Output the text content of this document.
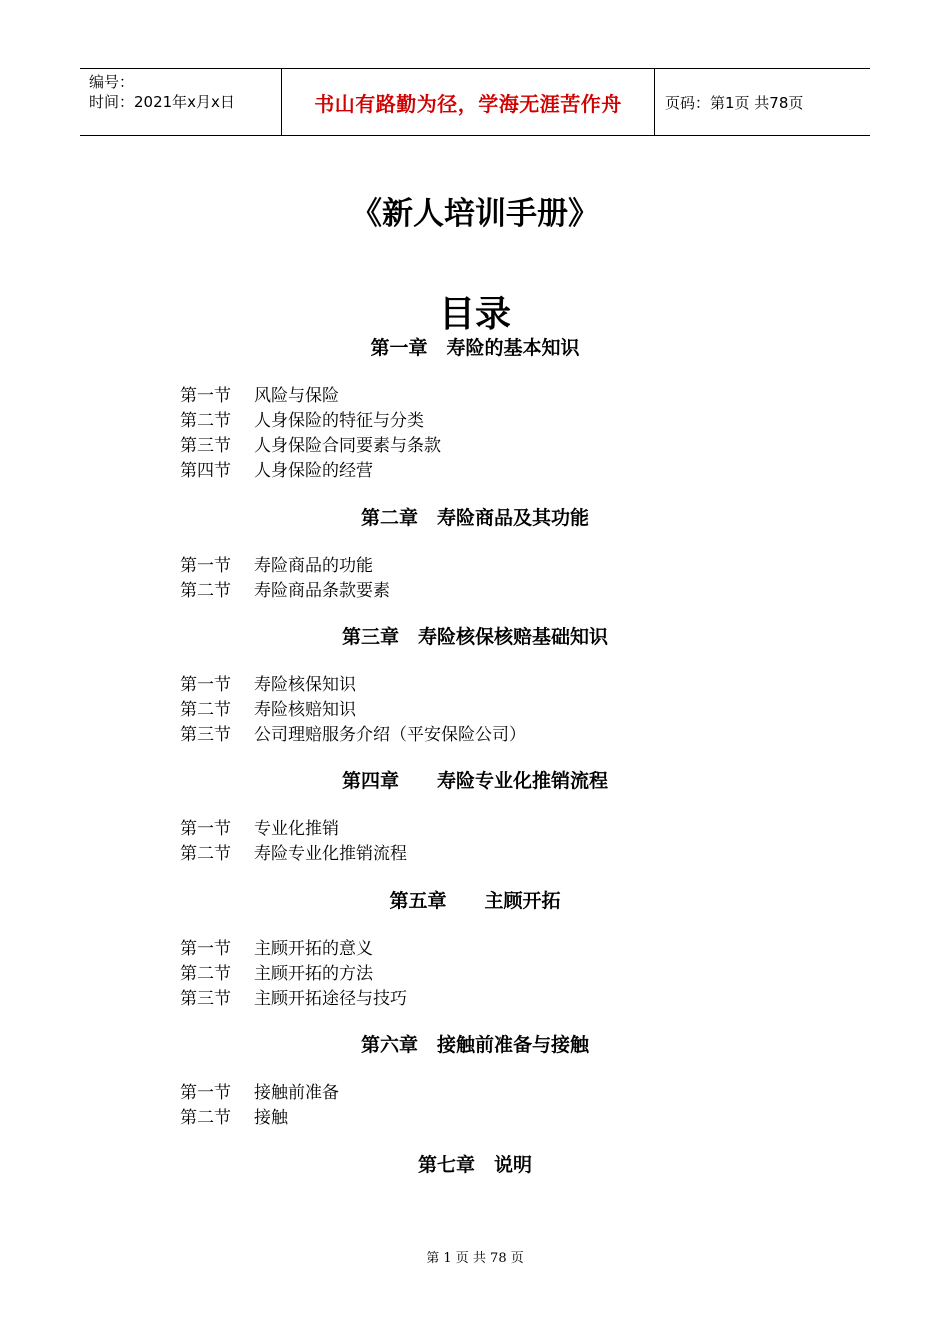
编号：
时间：2021年x月x日	书山有路勤为径，学海无涯苦作舟	页码：第1页 共78页
《新人培训手册》
目录
第一章　寿险的基本知识
第一节 风险与保险
第二节 人身保险的特征与分类
第三节 人身保险合同要素与条款
第四节 人身保险的经营
第二章　寿险商品及其功能
第一节 寿险商品的功能
第二节 寿险商品条款要素
第三章　寿险核保核赔基础知识
第一节 寿险核保知识
第二节 寿险核赔知识
第三节 公司理赔服务介绍（平安保险公司）
第四章　　寿险专业化推销流程
第一节 专业化推销
第二节 寿险专业化推销流程
第五章　　主顾开拓
第一节 主顾开拓的意义
第二节 主顾开拓的方法
第三节 主顾开拓途径与技巧
第六章　接触前准备与接触
第一节 接触前准备
第二节 接触
第七章　说明
第 1 页 共 78 页
